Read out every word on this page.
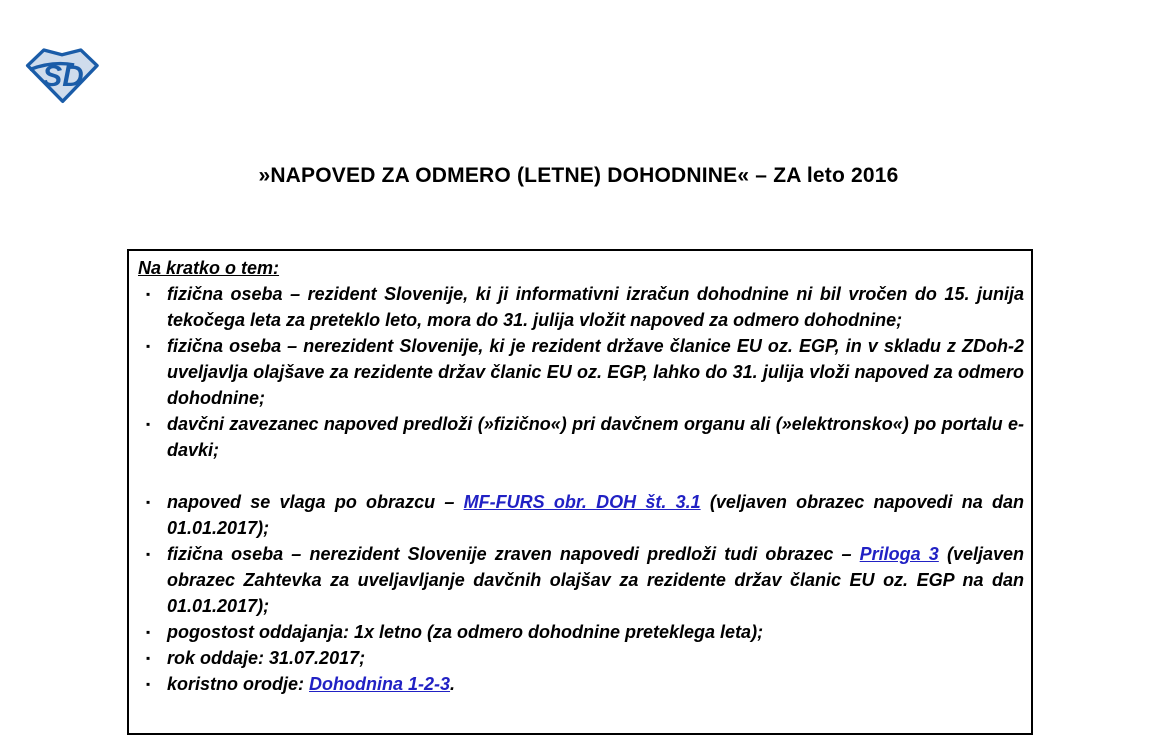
SD
»NAPOVED ZA ODMERO (LETNE) DOHODNINE« – ZA leto 2016
Na kratko o tem:
▪ fizična oseba – rezident Slovenije, ki ji informativni izračun dohodnine ni bil vročen do 15. junija tekočega leta za preteklo leto, mora do 31. julija vložit napoved za odmero dohodnine;
▪ fizična oseba – nerezident Slovenije, ki je rezident države članice EU oz. EGP, in v skladu z ZDoh-2 uveljavlja olajšave za rezidente držav članic EU oz. EGP, lahko do 31. julija vloži napoved za odmero dohodnine;
▪ davčni zavezanec napoved predloži (»fizično«) pri davčnem organu ali (»elektronsko«) po portalu e-davki;
▪ napoved se vlaga po obrazcu – MF-FURS obr. DOH št. 3.1 (veljaven obrazec napovedi na dan 01.01.2017);
▪ fizična oseba – nerezident Slovenije zraven napovedi predloži tudi obrazec – Priloga 3 (veljaven obrazec Zahtevka za uveljavljanje davčnih olajšav za rezidente držav članic EU oz. EGP na dan 01.01.2017);
▪ pogostost oddajanja: 1x letno (za odmero dohodnine preteklega leta);
▪ rok oddaje: 31.07.2017;
▪ koristno orodje: Dohodnina 1-2-3.
